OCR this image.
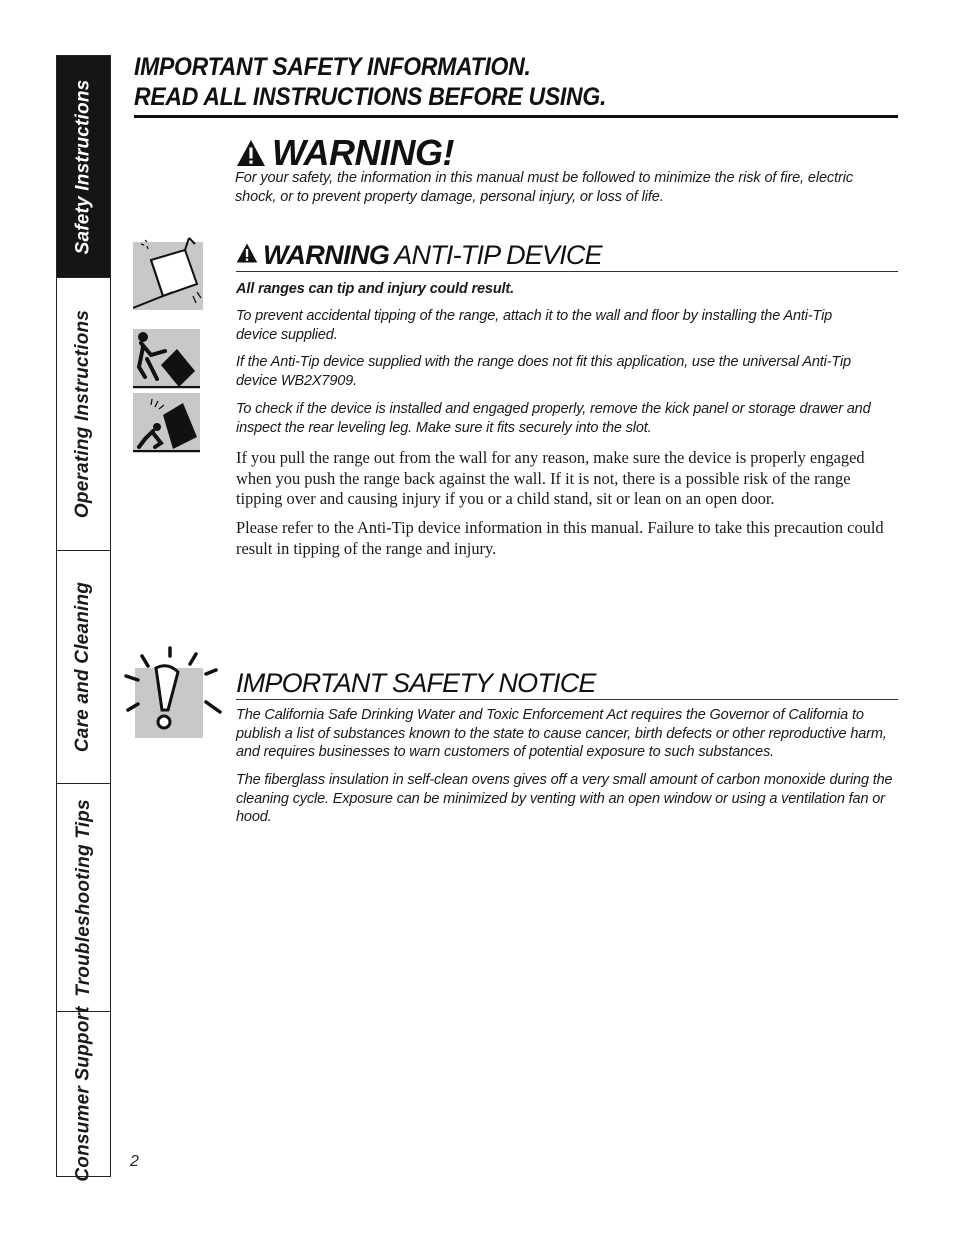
Safety Instructions
Operating Instructions
Care and Cleaning
Troubleshooting Tips
Consumer Support
IMPORTANT SAFETY INFORMATION.
READ ALL INSTRUCTIONS BEFORE USING.
WARNING!
For your safety, the information in this manual must be followed to minimize the risk of fire, electric shock, or to prevent property damage, personal injury, or loss of life.
WARNING ANTI-TIP DEVICE
All ranges can tip and injury could result.
To prevent accidental tipping of the range, attach it to the wall and floor by installing the Anti-Tip device supplied.
If the Anti-Tip device supplied with the range does not fit this application, use the universal Anti-Tip device WB2X7909.
To check if the device is installed and engaged properly, remove the kick panel or storage drawer and inspect the rear leveling leg. Make sure it fits securely into the slot.
If you pull the range out from the wall for any reason, make sure the device is properly engaged when you push the range back against the wall. If it is not, there is a possible risk of the range tipping over and causing injury if you or a child stand, sit or lean on an open door.
Please refer to the Anti-Tip device information in this manual. Failure to take this precaution could result in tipping of the range and injury.
IMPORTANT SAFETY NOTICE
The California Safe Drinking Water and Toxic Enforcement Act requires the Governor of California to publish a list of substances known to the state to cause cancer, birth defects or other reproductive harm, and requires businesses to warn customers of potential exposure to such substances.
The fiberglass insulation in self-clean ovens gives off a very small amount of carbon monoxide during the cleaning cycle. Exposure can be minimized by venting with an open window or using a ventilation fan or hood.
2
